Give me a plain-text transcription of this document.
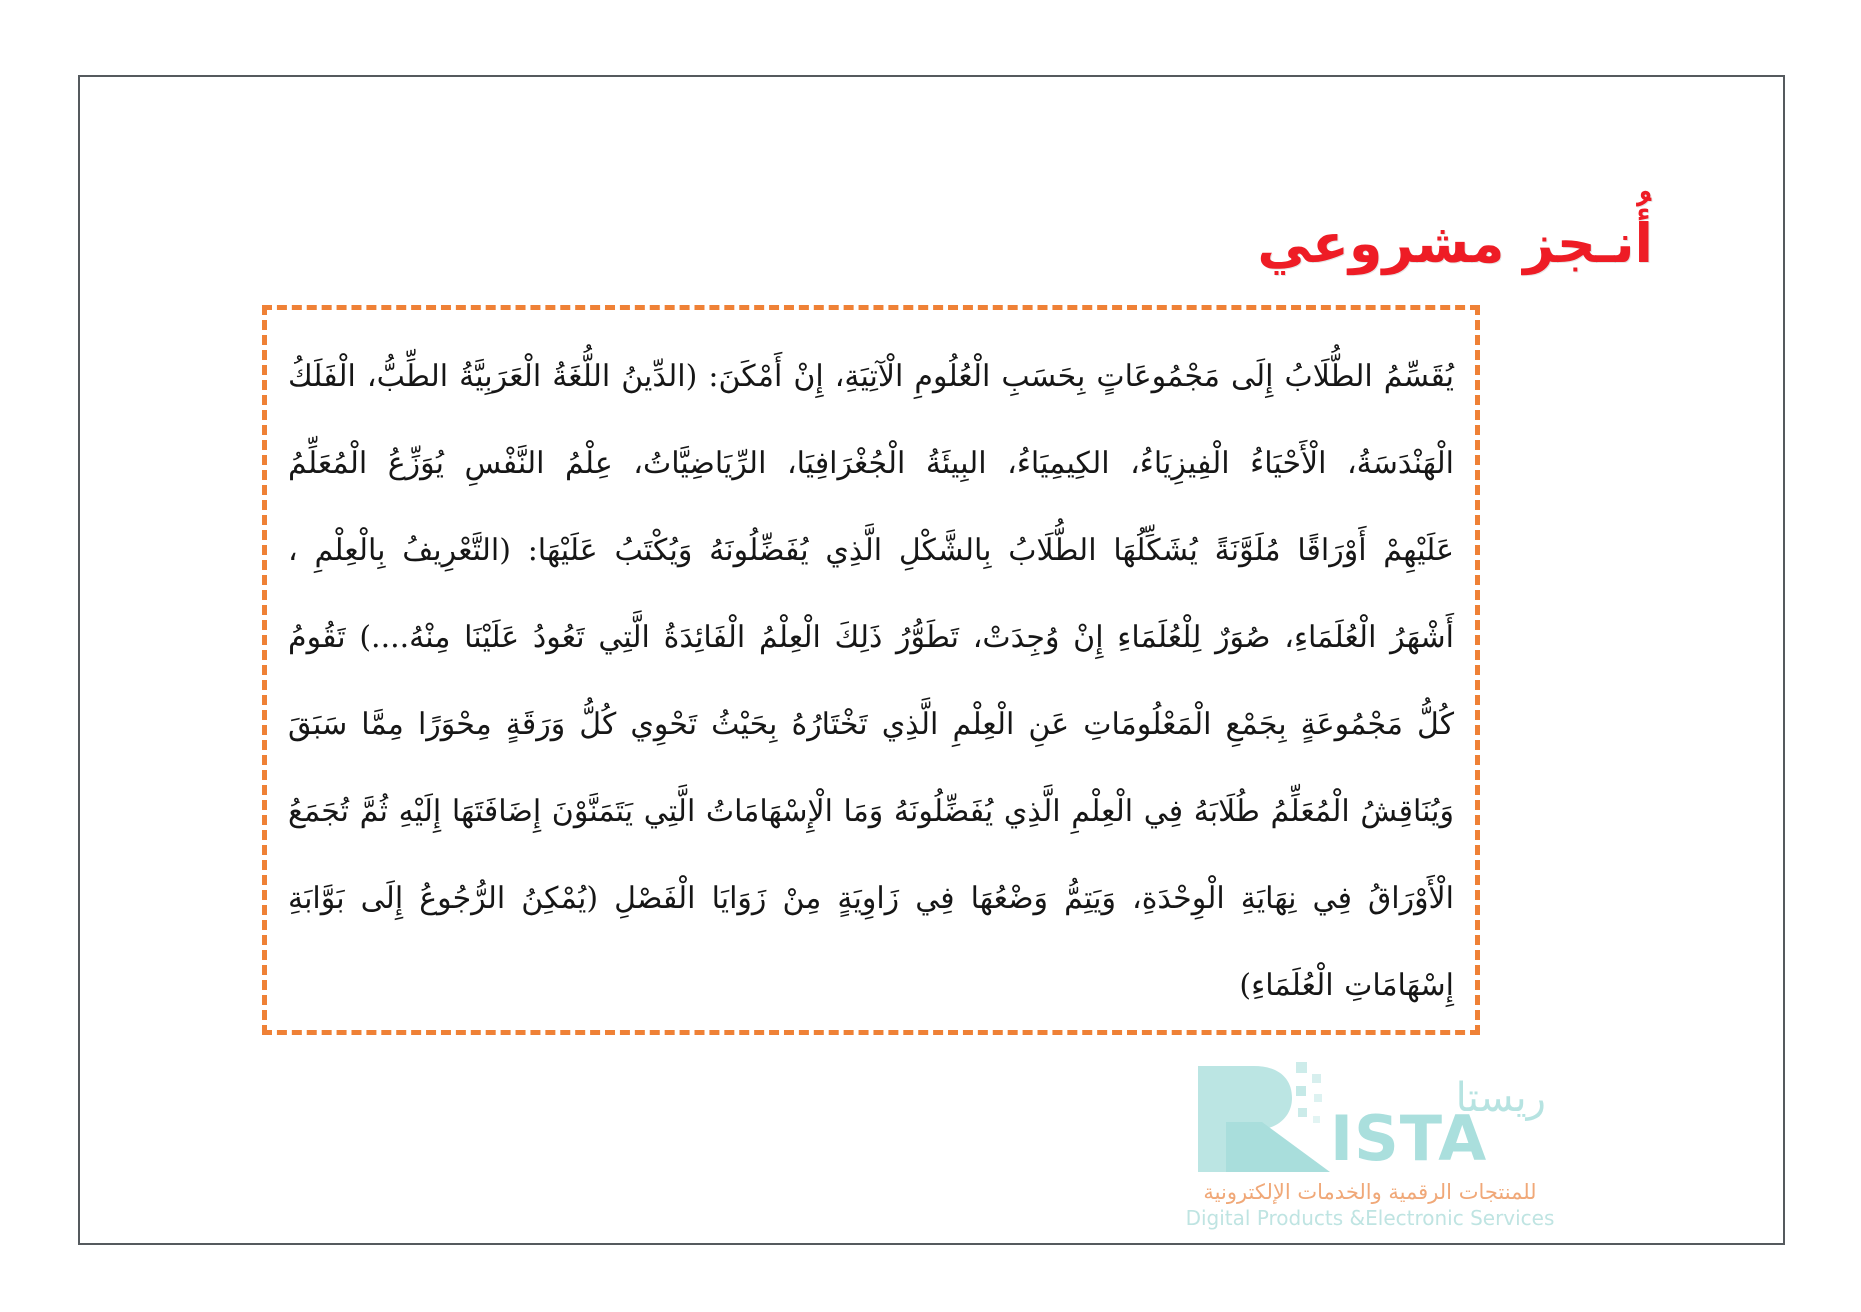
أُنـجز مشروعي

يُقَسِّمُ الطُّلَابُ إِلَى مَجْمُوعَاتٍ بِحَسَبِ الْعُلُومِ الْآتِيَةِ، إِنْ أَمْكَنَ: (الدِّينُ اللُّغَةُ الْعَرَبِيَّةُ الطِّبُّ، الْفَلَكُ

الْهَنْدَسَةُ، الْأَحْيَاءُ الْفِيزِيَاءُ، الكِيمِيَاءُ، البِيئَةُ الْجُغْرَافِيَا، الرِّيَاضِيَّاتُ، عِلْمُ النَّفْسِ يُوَزِّعُ الْمُعَلِّمُ

عَلَيْهِمْ أَوْرَاقًا مُلَوَّنَةً يُشَكِّلُهَا الطُّلَابُ بِالشَّكْلِ الَّذِي يُفَضِّلُونَهُ وَيُكْتَبُ عَلَيْهَا: (التَّعْرِيفُ بِالْعِلْمِ ،

أَشْهَرُ الْعُلَمَاءِ، صُوَرٌ لِلْعُلَمَاءِ إِنْ وُجِدَتْ، تَطَوُّرُ ذَلِكَ الْعِلْمُ الْفَائِدَةُ الَّتِي تَعُودُ عَلَيْنَا مِنْهُ....) تَقُومُ

كُلُّ مَجْمُوعَةٍ بِجَمْعِ الْمَعْلُومَاتِ عَنِ الْعِلْمِ الَّذِي تَخْتَارُهُ بِحَيْثُ تَحْوِي كُلُّ وَرَقَةٍ مِحْوَرًا مِمَّا سَبَقَ

وَيُنَاقِشُ الْمُعَلِّمُ طُلَابَهُ فِي الْعِلْمِ الَّذِي يُفَضِّلُونَهُ وَمَا الْإِسْهَامَاتُ الَّتِي يَتَمَنَّوْنَ إِضَافَتَهَا إِلَيْهِ ثُمَّ تُجَمَعُ

الْأَوْرَاقُ فِي نِهَايَةِ الْوِحْدَةِ، وَيَتِمُّ وَضْعُهَا فِي زَاوِيَةٍ مِنْ زَوَايَا الْفَصْلِ (يُمْكِنُ الرُّجُوعُ إِلَى بَوَّابَةِ

إِسْهَامَاتِ الْعُلَمَاءِ)

ISTA
ريستا
للمنتجات الرقمية والخدمات الإلكترونية
Digital Products &Electronic Services
